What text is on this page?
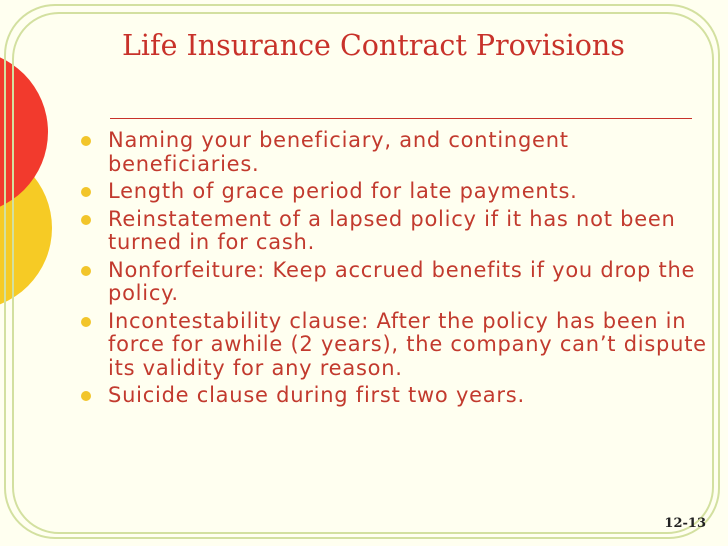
Life Insurance Contract Provisions
Naming your beneficiary, and contingent beneficiaries.
Length of grace period for late payments.
Reinstatement of a lapsed policy if it has not been turned in for cash.
Nonforfeiture: Keep accrued benefits if you drop the policy.
Incontestability clause: After the policy has been in force for awhile (2 years), the company can’t dispute its validity for any reason.
Suicide clause during first two years.
12-13
